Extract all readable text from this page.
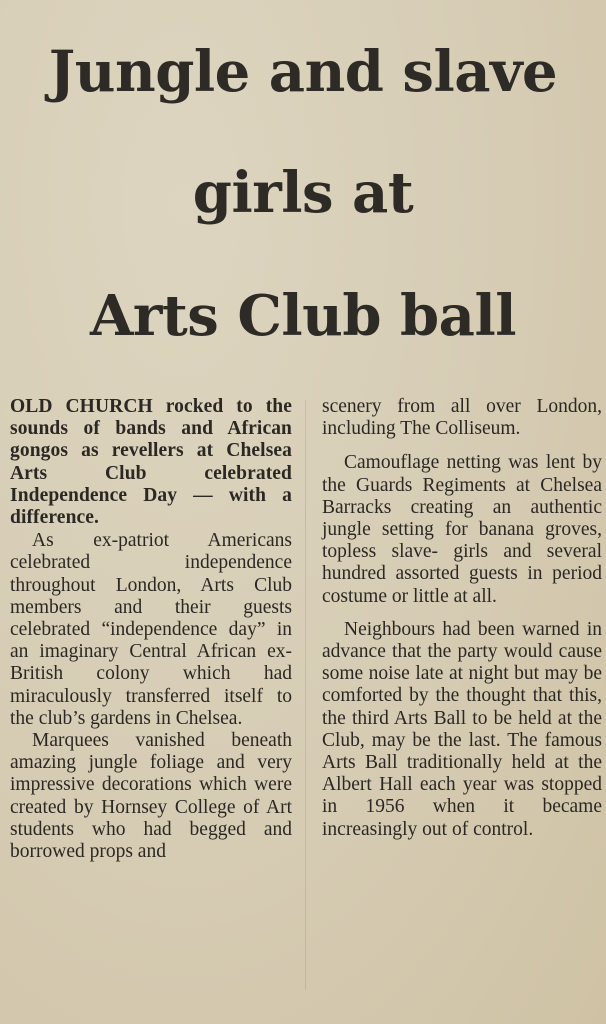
Jungle and slave
girls at
Arts Club ball

OLD CHURCH rocked to the sounds of bands and African gongos as revellers at Chelsea Arts Club celebrated Independence Day — with a difference.

As ex-patriot Americans celebrated independence throughout London, Arts Club members and their guests celebrated “independence day” in an imaginary Central African ex- British colony which had miraculously transferred itself to the club’s gardens in Chelsea.

Marquees vanished beneath amazing jungle foliage and very impressive decorations which were created by Hornsey College of Art students who had begged and borrowed props and

scenery from all over London, including The Colliseum.

Camouflage netting was lent by the Guards Regiments at Chelsea Barracks creating an authentic jungle setting for banana groves, topless slave- girls and several hundred assorted guests in period costume or little at all.

Neighbours had been warned in advance that the party would cause some noise late at night but may be comforted by the thought that this, the third Arts Ball to be held at the Club, may be the last. The famous Arts Ball traditionally held at the Albert Hall each year was stopped in 1956 when it became increasingly out of control.
